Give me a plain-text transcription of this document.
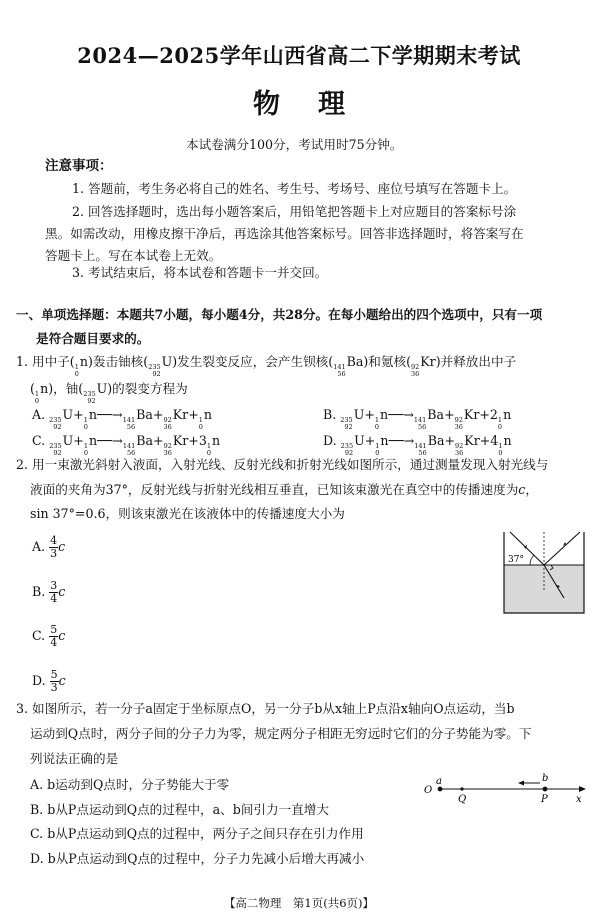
2024—2025学年山西省高二下学期期末考试
物理
本试卷满分100分，考试用时75分钟。
注意事项：
1. 答题前，考生务必将自己的姓名、考生号、考场号、座位号填写在答题卡上。
2. 回答选择题时，选出每小题答案后，用铅笔把答题卡上对应题目的答案标号涂
黑。如需改动，用橡皮擦干净后，再选涂其他答案标号。回答非选择题时，将答案写在
答题卡上。写在本试卷上无效。
3. 考试结束后，将本试卷和答题卡一并交回。
一、单项选择题：本题共7小题，每小题4分，共28分。在每小题给出的四个选项中，只有一项
是符合题目要求的。
1. 用中子( 1
0
n)轰击铀核( 235
92
U)发生裂变反应，会产生钡核( 141
56
Ba)和氪核( 92
36
Kr)并释放出中子
( 1
0
n)，铀( 235
92
U)的裂变方程为
A. 235
92
U+ 1
0
n──→ 141
56
Ba+ 92
36
Kr+ 1
0
n	B. 235
92
U+ 1
0
n──→ 141
56
Ba+ 92
36
Kr+2 1
0
n
C. 235
92
U+ 1
0
n──→ 141
56
Ba+ 92
36
Kr+3 1
0
n	D. 235
92
U+ 1
0
n──→ 141
56
Ba+ 92
36
Kr+4 1
0
n
2. 用一束激光斜射入液面，入射光线、反射光线和折射光线如图所示，通过测量发现入射光线与
液面的夹角为37°，反射光线与折射光线相互垂直，已知该束激光在真空中的传播速度为c，
sin 37°=0.6，则该束激光在该液体中的传播速度大小为
A. $\frac{4}{3}$ c
B. $\frac{3}{4}$ c
C. $\frac{5}{4}$ c
D. $\frac{5}{3}$ c
37°
3. 如图所示，若一分子a固定于坐标原点O，另一分子b从x轴上P点沿x轴向O点运动，当b
运动到Q点时，两分子间的分子力为零，规定两分子相距无穷远时它们的分子势能为零。下
列说法正确的是
A. b运动到Q点时，分子势能大于零
B. b从P点运动到Q点的过程中，a、b间引力一直增大
C. b从P点运动到Q点的过程中，两分子之间只存在引力作用
D. b从P点运动到Q点的过程中，分子力先减小后增大再减小
O
a
Q
b
P	x
【高二物理　第1页(共6页)】
